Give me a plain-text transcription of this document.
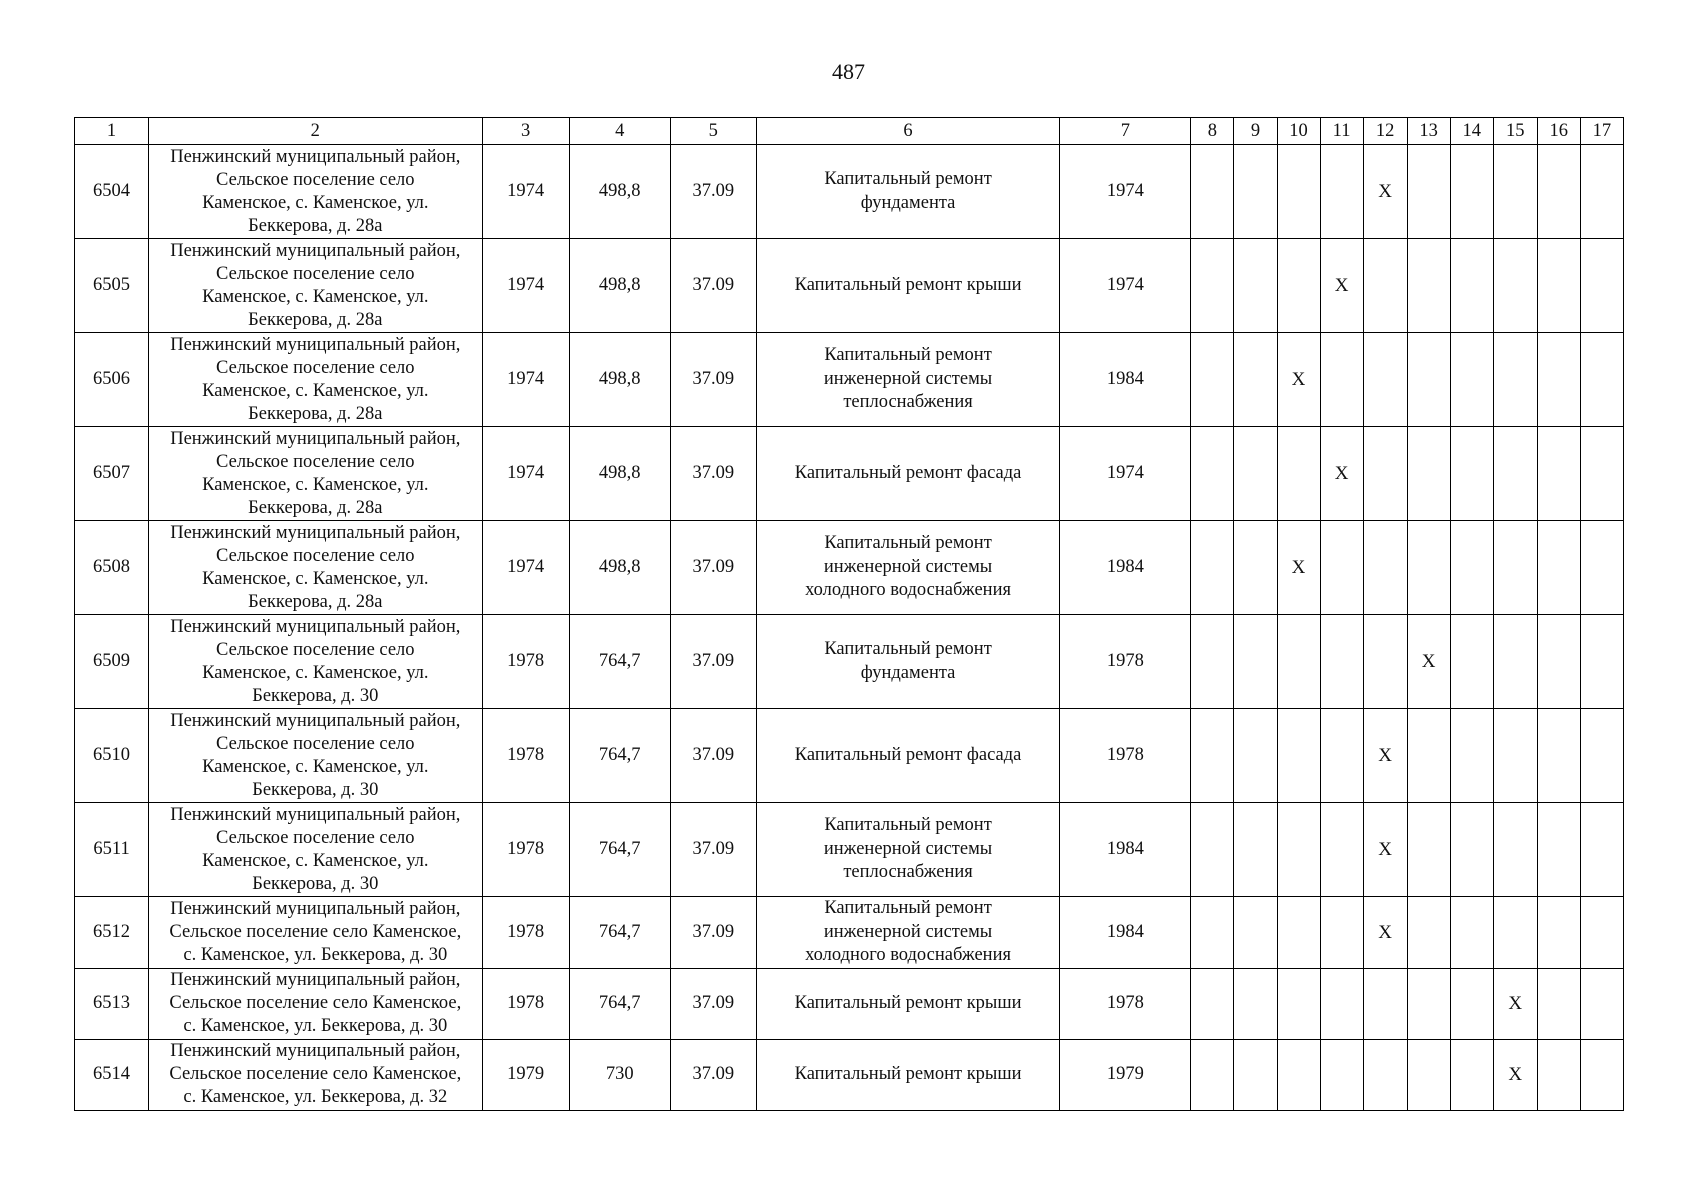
487
1	2	3	4	5	6	7	8	9	10	11	12	13	14	15	16	17
6504	Пенжинский муниципальный район,
Сельское поселение село
Каменское, с. Каменское, ул.
Беккерова, д. 28а	1974	498,8	37.09	Капитальный ремонт
фундамента	1974					X					
6505	Пенжинский муниципальный район,
Сельское поселение село
Каменское, с. Каменское, ул.
Беккерова, д. 28а	1974	498,8	37.09	Капитальный ремонт крыши	1974				X						
6506	Пенжинский муниципальный район,
Сельское поселение село
Каменское, с. Каменское, ул.
Беккерова, д. 28а	1974	498,8	37.09	Капитальный ремонт
инженерной системы
теплоснабжения	1984			X							
6507	Пенжинский муниципальный район,
Сельское поселение село
Каменское, с. Каменское, ул.
Беккерова, д. 28а	1974	498,8	37.09	Капитальный ремонт фасада	1974				X						
6508	Пенжинский муниципальный район,
Сельское поселение село
Каменское, с. Каменское, ул.
Беккерова, д. 28а	1974	498,8	37.09	Капитальный ремонт
инженерной системы
холодного водоснабжения	1984			X							
6509	Пенжинский муниципальный район,
Сельское поселение село
Каменское, с. Каменское, ул.
Беккерова, д. 30	1978	764,7	37.09	Капитальный ремонт
фундамента	1978						X				
6510	Пенжинский муниципальный район,
Сельское поселение село
Каменское, с. Каменское, ул.
Беккерова, д. 30	1978	764,7	37.09	Капитальный ремонт фасада	1978					X					
6511	Пенжинский муниципальный район,
Сельское поселение село
Каменское, с. Каменское, ул.
Беккерова, д. 30	1978	764,7	37.09	Капитальный ремонт
инженерной системы
теплоснабжения	1984					X					
6512	Пенжинский муниципальный район,
Сельское поселение село Каменское,
с. Каменское, ул. Беккерова, д. 30	1978	764,7	37.09	Капитальный ремонт
инженерной системы
холодного водоснабжения	1984					X					
6513	Пенжинский муниципальный район,
Сельское поселение село Каменское,
с. Каменское, ул. Беккерова, д. 30	1978	764,7	37.09	Капитальный ремонт крыши	1978								X		
6514	Пенжинский муниципальный район,
Сельское поселение село Каменское,
с. Каменское, ул. Беккерова, д. 32	1979	730	37.09	Капитальный ремонт крыши	1979								X		
